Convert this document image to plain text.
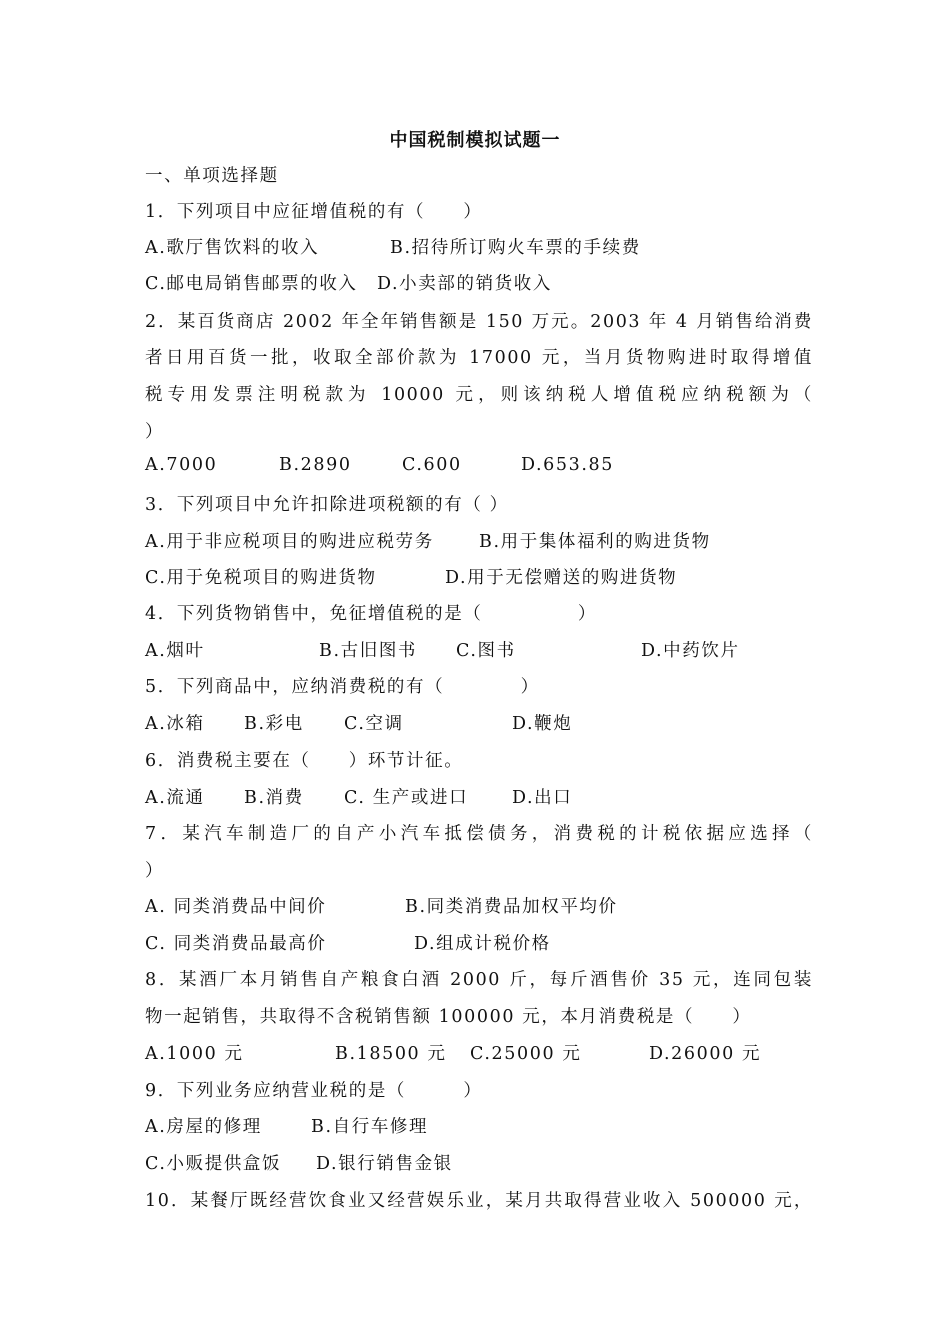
中国税制模拟试题一
一、单项选择题
1．下列项目中应征增值税的有（　　）
A.歌厅售饮料的收入	B.招待所订购火车票的手续费
C.邮电局销售邮票的收入 D.小卖部的销货收入
2．某百货商店 2002 年全年销售额是 150 万元。2003 年 4 月销售给消费
者日用百货一批，收取全部价款为 17000 元，当月货物购进时取得增值
税专用发票注明税款为 10000 元，则该纳税人增值税应纳税额为（
）
A.7000	B.2890	C.600	D.653.85
3．下列项目中允许扣除进项税额的有（ ）
A.用于非应税项目的购进应税劳务	B.用于集体福利的购进货物
C.用于免税项目的购进货物	D.用于无偿赠送的购进货物
4．下列货物销售中，免征增值税的是（　　　　　）
A.烟叶	B.古旧图书 C.图书	D.中药饮片
5．下列商品中，应纳消费税的有（　　　　）
A.冰箱 B.彩电 C.空调	D.鞭炮
6．消费税主要在（　　）环节计征。
A.流通 B.消费 C. 生产或进口	D.出口
7．某汽车制造厂的自产小汽车抵偿债务，消费税的计税依据应选择（
）
A. 同类消费品中间价	B.同类消费品加权平均价
C. 同类消费品最高价	D.组成计税价格
8．某酒厂本月销售自产粮食白酒 2000 斤，每斤酒售价 35 元，连同包装
物一起销售，共取得不含税销售额 100000 元，本月消费税是（　　）
A.1000 元	B.18500 元 C.25000 元	D.26000 元
9．下列业务应纳营业税的是（　　　）
A.房屋的修理	B.自行车修理
C.小贩提供盒饭 D.银行销售金银
10．某餐厅既经营饮食业又经营娱乐业，某月共取得营业收入 500000 元，
